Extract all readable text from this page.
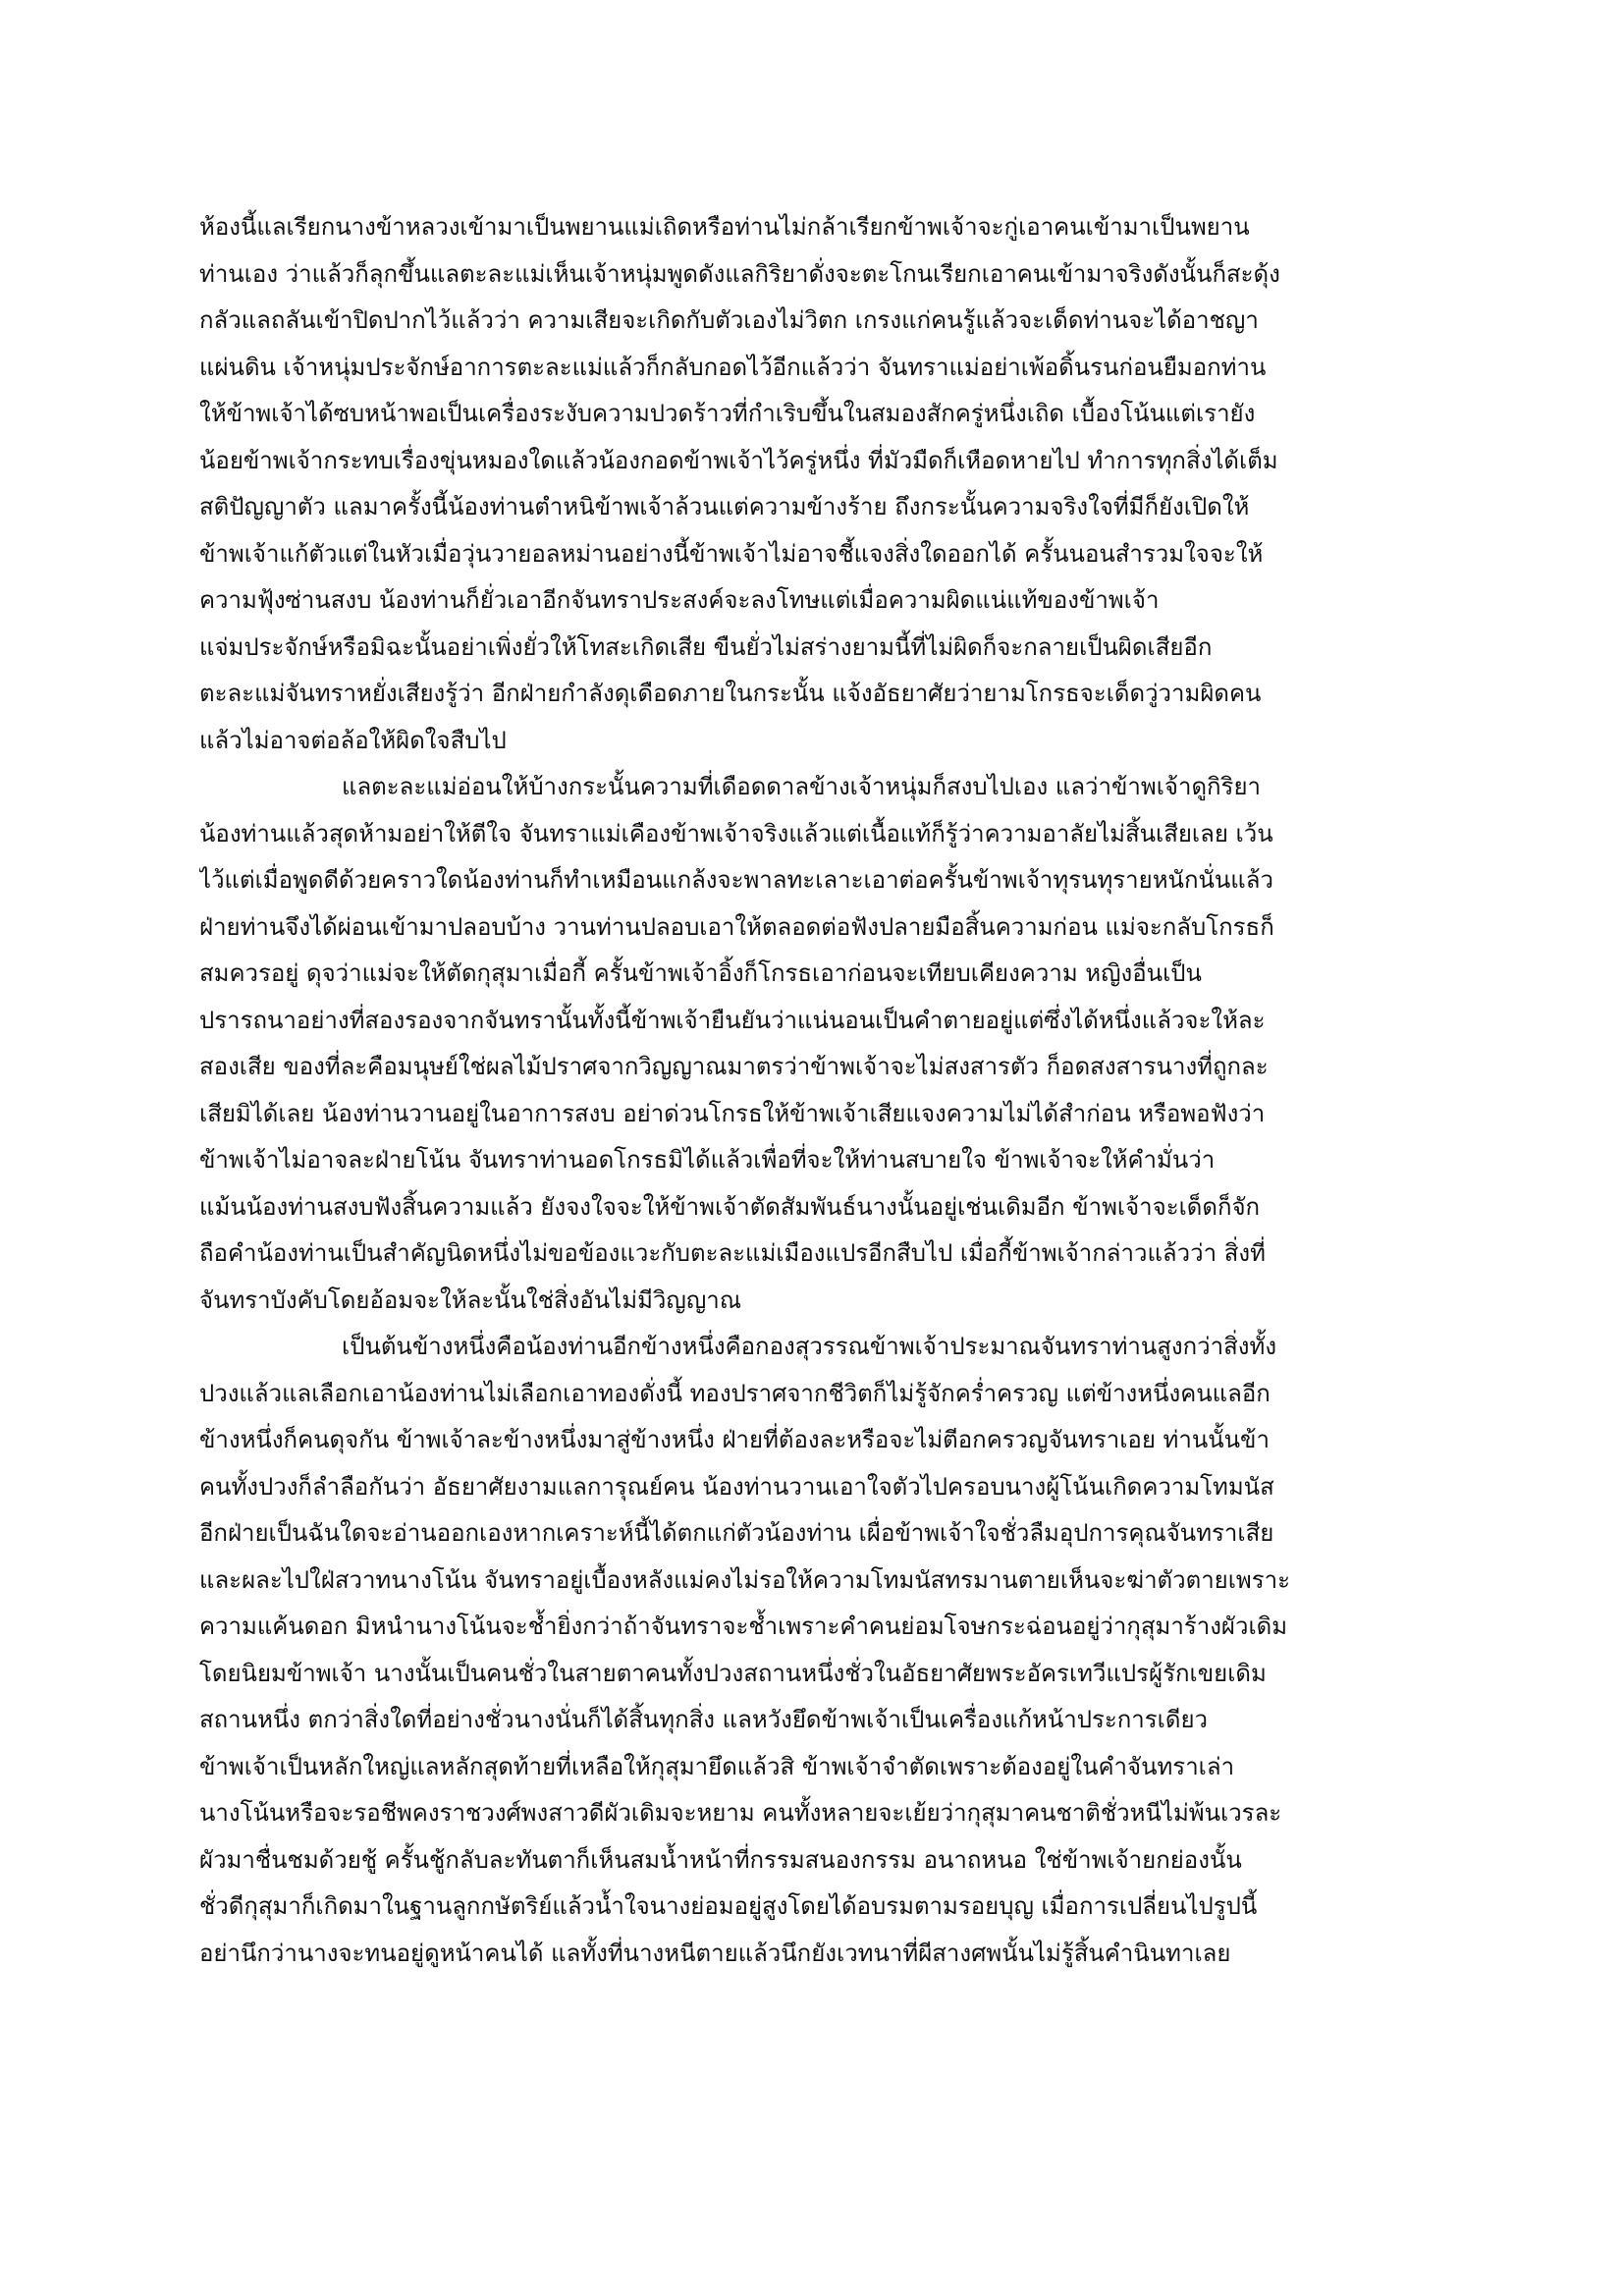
ห้องนี้แลเรียกนางข้าหลวงเข้ามาเป็นพยานแม่เถิดหรือท่านไม่กล้าเรียกข้าพเจ้าจะกู่เอาคนเข้ามาเป็นพยาน
ท่านเอง ว่าแล้วก็ลุกขึ้นแลตะละแม่เห็นเจ้าหนุ่มพูดดังแลกิริยาดั่งจะตะโกนเรียกเอาคนเข้ามาจริงดังนั้นก็สะดุ้ง
กลัวแลถลันเข้าปิดปากไว้แล้วว่า ความเสียจะเกิดกับตัวเองไม่วิตก เกรงแก่คนรู้แล้วจะเด็ดท่านจะได้อาชญา
แผ่นดิน เจ้าหนุ่มประจักษ์อาการตะละแม่แล้วก็กลับกอดไว้อีกแล้วว่า จันทราแม่อย่าเพ้อดิ้นรนก่อนยืมอกท่าน
ให้ข้าพเจ้าได้ซบหน้าพอเป็นเครื่องระงับความปวดร้าวที่กำเริบขึ้นในสมองสักครู่หนึ่งเถิด เบื้องโน้นแต่เรายัง
น้อยข้าพเจ้ากระทบเรื่องขุ่นหมองใดแล้วน้องกอดข้าพเจ้าไว้ครู่หนึ่ง ที่มัวมืดก็เหือดหายไป ทำการทุกสิ่งได้เต็ม
สติปัญญาตัว แลมาครั้งนี้น้องท่านตำหนิข้าพเจ้าล้วนแต่ความข้างร้าย ถึงกระนั้นความจริงใจที่มีก็ยังเปิดให้
ข้าพเจ้าแก้ตัวแต่ในหัวเมื่อวุ่นวายอลหม่านอย่างนี้ข้าพเจ้าไม่อาจชี้แจงสิ่งใดออกได้ ครั้นนอนสำรวมใจจะให้
ความฟุ้งซ่านสงบ น้องท่านก็ยั่วเอาอีกจันทราประสงค์จะลงโทษแต่เมื่อความผิดแน่แท้ของข้าพเจ้า
แจ่มประจักษ์หรือมิฉะนั้นอย่าเพิ่งยั่วให้โทสะเกิดเสีย ขืนยั่วไม่สร่างยามนี้ที่ไม่ผิดก็จะกลายเป็นผิดเสียอีก
ตะละแม่จันทราหยั่งเสียงรู้ว่า อีกฝ่ายกำลังดุเดือดภายในกระนั้น แจ้งอัธยาศัยว่ายามโกรธจะเด็ดวู่วามผิดคน
แล้วไม่อาจต่อล้อให้ผิดใจสืบไป
แลตะละแม่อ่อนให้บ้างกระนั้นความที่เดือดดาลข้างเจ้าหนุ่มก็สงบไปเอง แลว่าข้าพเจ้าดูกิริยา
น้องท่านแล้วสุดห้ามอย่าให้ตีใจ จันทราแม่เคืองข้าพเจ้าจริงแล้วแต่เนื้อแท้ก็รู้ว่าความอาลัยไม่สิ้นเสียเลย เว้น
ไว้แต่เมื่อพูดดีด้วยคราวใดน้องท่านก็ทำเหมือนแกล้งจะพาลทะเลาะเอาต่อครั้นข้าพเจ้าทุรนทุรายหนักนั่นแล้ว
ฝ่ายท่านจึงได้ผ่อนเข้ามาปลอบบ้าง วานท่านปลอบเอาให้ตลอดต่อฟังปลายมือสิ้นความก่อน แม่จะกลับโกรธก็
สมควรอยู่ ดุจว่าแม่จะให้ตัดกุสุมาเมื่อกี้ ครั้นข้าพเจ้าอิ้งก็โกรธเอาก่อนจะเทียบเคียงความ หญิงอื่นเป็น
ปรารถนาอย่างที่สองรองจากจันทรานั้นทั้งนี้ข้าพเจ้ายืนยันว่าแน่นอนเป็นคำตายอยู่แต่ซึ่งได้หนึ่งแล้วจะให้ละ
สองเสีย ของที่ละคือมนุษย์ใช่ผลไม้ปราศจากวิญญาณมาตรว่าข้าพเจ้าจะไม่สงสารตัว ก็อดสงสารนางที่ถูกละ
เสียมิได้เลย น้องท่านวานอยู่ในอาการสงบ อย่าด่วนโกรธให้ข้าพเจ้าเสียแจงความไม่ได้สำก่อน หรือพอฟังว่า
ข้าพเจ้าไม่อาจละฝ่ายโน้น จันทราท่านอดโกรธมิได้แล้วเพื่อที่จะให้ท่านสบายใจ ข้าพเจ้าจะให้คำมั่นว่า
แม้นน้องท่านสงบฟังสิ้นความแล้ว ยังจงใจจะให้ข้าพเจ้าตัดสัมพันธ์นางนั้นอยู่เช่นเดิมอีก ข้าพเจ้าจะเด็ดก็จัก
ถือคำน้องท่านเป็นสำคัญนิดหนึ่งไม่ขอข้องแวะกับตะละแม่เมืองแปรอีกสืบไป เมื่อกี้ข้าพเจ้ากล่าวแล้วว่า สิ่งที่
จันทราบังคับโดยอ้อมจะให้ละนั้นใช่สิ่งอันไม่มีวิญญาณ
เป็นต้นข้างหนึ่งคือน้องท่านอีกข้างหนึ่งคือกองสุวรรณข้าพเจ้าประมาณจันทราท่านสูงกว่าสิ่งทั้ง
ปวงแล้วแลเลือกเอาน้องท่านไม่เลือกเอาทองดั่งนี้ ทองปราศจากชีวิตก็ไม่รู้จักคร่ำครวญ แต่ข้างหนึ่งคนแลอีก
ข้างหนึ่งก็คนดุจกัน ข้าพเจ้าละข้างหนึ่งมาสู่ข้างหนึ่ง ฝ่ายที่ต้องละหรือจะไม่ตีอกครวญจันทราเอย ท่านนั้นข้า
คนทั้งปวงก็ลำลือกันว่า อัธยาศัยงามแลการุณย์คน น้องท่านวานเอาใจตัวไปครอบนางผู้โน้นเกิดความโทมนัส
อีกฝ่ายเป็นฉันใดจะอ่านออกเองหากเคราะห์นี้ได้ตกแก่ตัวน้องท่าน เผื่อข้าพเจ้าใจชั่วลืมอุปการคุณจันทราเสีย
และผละไปใฝ่สวาทนางโน้น จันทราอยู่เบื้องหลังแม่คงไม่รอให้ความโทมนัสทรมานตายเห็นจะฆ่าตัวตายเพราะ
ความแค้นดอก มิหนำนางโน้นจะช้ำยิ่งกว่าถ้าจันทราจะช้ำเพราะคำคนย่อมโจษกระฉ่อนอยู่ว่ากุสุมาร้างผัวเดิม
โดยนิยมข้าพเจ้า นางนั้นเป็นคนชั่วในสายตาคนทั้งปวงสถานหนึ่งชั่วในอัธยาศัยพระอัครเทวีแปรผู้รักเขยเดิม
สถานหนึ่ง ตกว่าสิ่งใดที่อย่างชั่วนางนั่นก็ได้สิ้นทุกสิ่ง แลหวังยึดข้าพเจ้าเป็นเครื่องแก้หน้าประการเดียว
ข้าพเจ้าเป็นหลักใหญ่แลหลักสุดท้ายที่เหลือให้กุสุมายึดแล้วสิ ข้าพเจ้าจำตัดเพราะต้องอยู่ในคำจันทราเล่า
นางโน้นหรือจะรอชีพคงราชวงศ์พงสาวดีผัวเดิมจะหยาม คนทั้งหลายจะเย้ยว่ากุสุมาคนชาติชั่วหนีไม่พ้นเวรละ
ผัวมาชื่นชมด้วยชู้ ครั้นชู้กลับละทันตาก็เห็นสมน้ำหน้าที่กรรมสนองกรรม อนาถหนอ ใช่ข้าพเจ้ายกย่องนั้น
ชั่วดีกุสุมาก็เกิดมาในฐานลูกกษัตริย์แล้วน้ำใจนางย่อมอยู่สูงโดยได้อบรมตามรอยบุญ เมื่อการเปลี่ยนไปรูปนี้
อย่านึกว่านางจะทนอยู่ดูหน้าคนได้ แลทั้งที่นางหนีตายแล้วนึกยังเวทนาที่ผีสางศพนั้นไม่รู้สิ้นคำนินทาเลย
